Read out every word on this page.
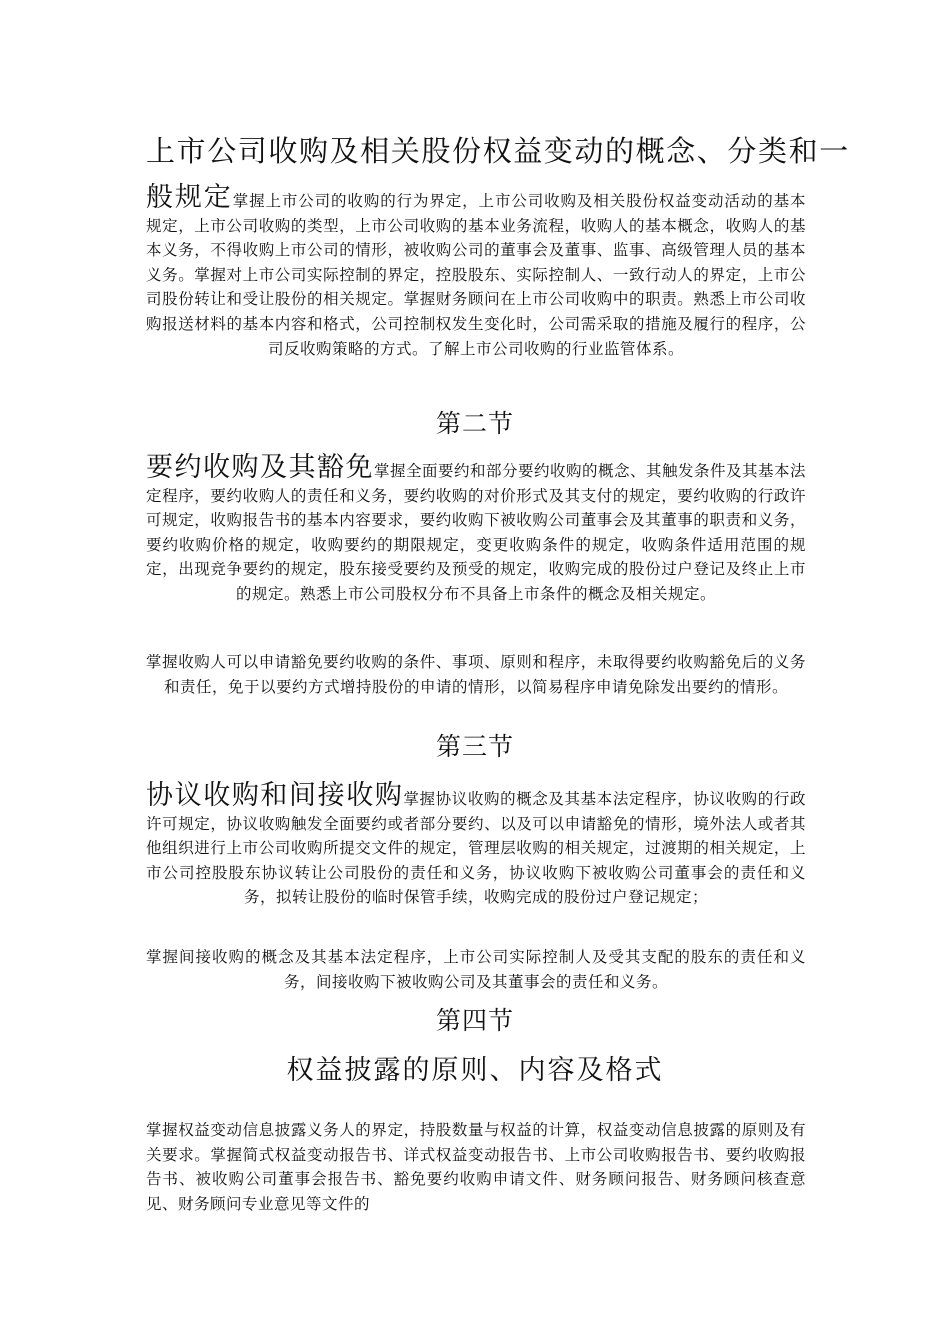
上市公司收购及相关股份权益变动的概念、分类和一
般规定掌握上市公司的收购的行为界定，上市公司收购及相关股份权益变动活动的基本规定，上市公司收购的类型，上市公司收购的基本业务流程，收购人的基本概念，收购人的基本义务，不得收购上市公司的情形，被收购公司的董事会及董事、监事、高级管理人员的基本义务。掌握对上市公司实际控制的界定，控股股东、实际控制人、一致行动人的界定，上市公司股份转让和受让股份的相关规定。掌握财务顾问在上市公司收购中的职责。熟悉上市公司收购报送材料的基本内容和格式，公司控制权发生变化时，公司需采取的措施及履行的程序，公司反收购策略的方式。了解上市公司收购的行业监管体系。
第二节
要约收购及其豁免掌握全面要约和部分要约收购的概念、其触发条件及其基本法定程序，要约收购人的责任和义务，要约收购的对价形式及其支付的规定，要约收购的行政许可规定，收购报告书的基本内容要求，要约收购下被收购公司董事会及其董事的职责和义务，要约收购价格的规定，收购要约的期限规定，变更收购条件的规定，收购条件适用范围的规定，出现竞争要约的规定，股东接受要约及预受的规定，收购完成的股份过户登记及终止上市的规定。熟悉上市公司股权分布不具备上市条件的概念及相关规定。
掌握收购人可以申请豁免要约收购的条件、事项、原则和程序，未取得要约收购豁免后的义务和责任，免于以要约方式增持股份的申请的情形，以简易程序申请免除发出要约的情形。
第三节
协议收购和间接收购掌握协议收购的概念及其基本法定程序，协议收购的行政许可规定，协议收购触发全面要约或者部分要约、以及可以申请豁免的情形，境外法人或者其他组织进行上市公司收购所提交文件的规定，管理层收购的相关规定，过渡期的相关规定，上市公司控股股东协议转让公司股份的责任和义务，协议收购下被收购公司董事会的责任和义务，拟转让股份的临时保管手续，收购完成的股份过户登记规定；
掌握间接收购的概念及其基本法定程序，上市公司实际控制人及受其支配的股东的责任和义务，间接收购下被收购公司及其董事会的责任和义务。
第四节
权益披露的原则、内容及格式
掌握权益变动信息披露义务人的界定，持股数量与权益的计算，权益变动信息披露的原则及有关要求。掌握简式权益变动报告书、详式权益变动报告书、上市公司收购报告书、要约收购报告书、被收购公司董事会报告书、豁免要约收购申请文件、财务顾问报告、财务顾问核查意见、财务顾问专业意见等文件的
